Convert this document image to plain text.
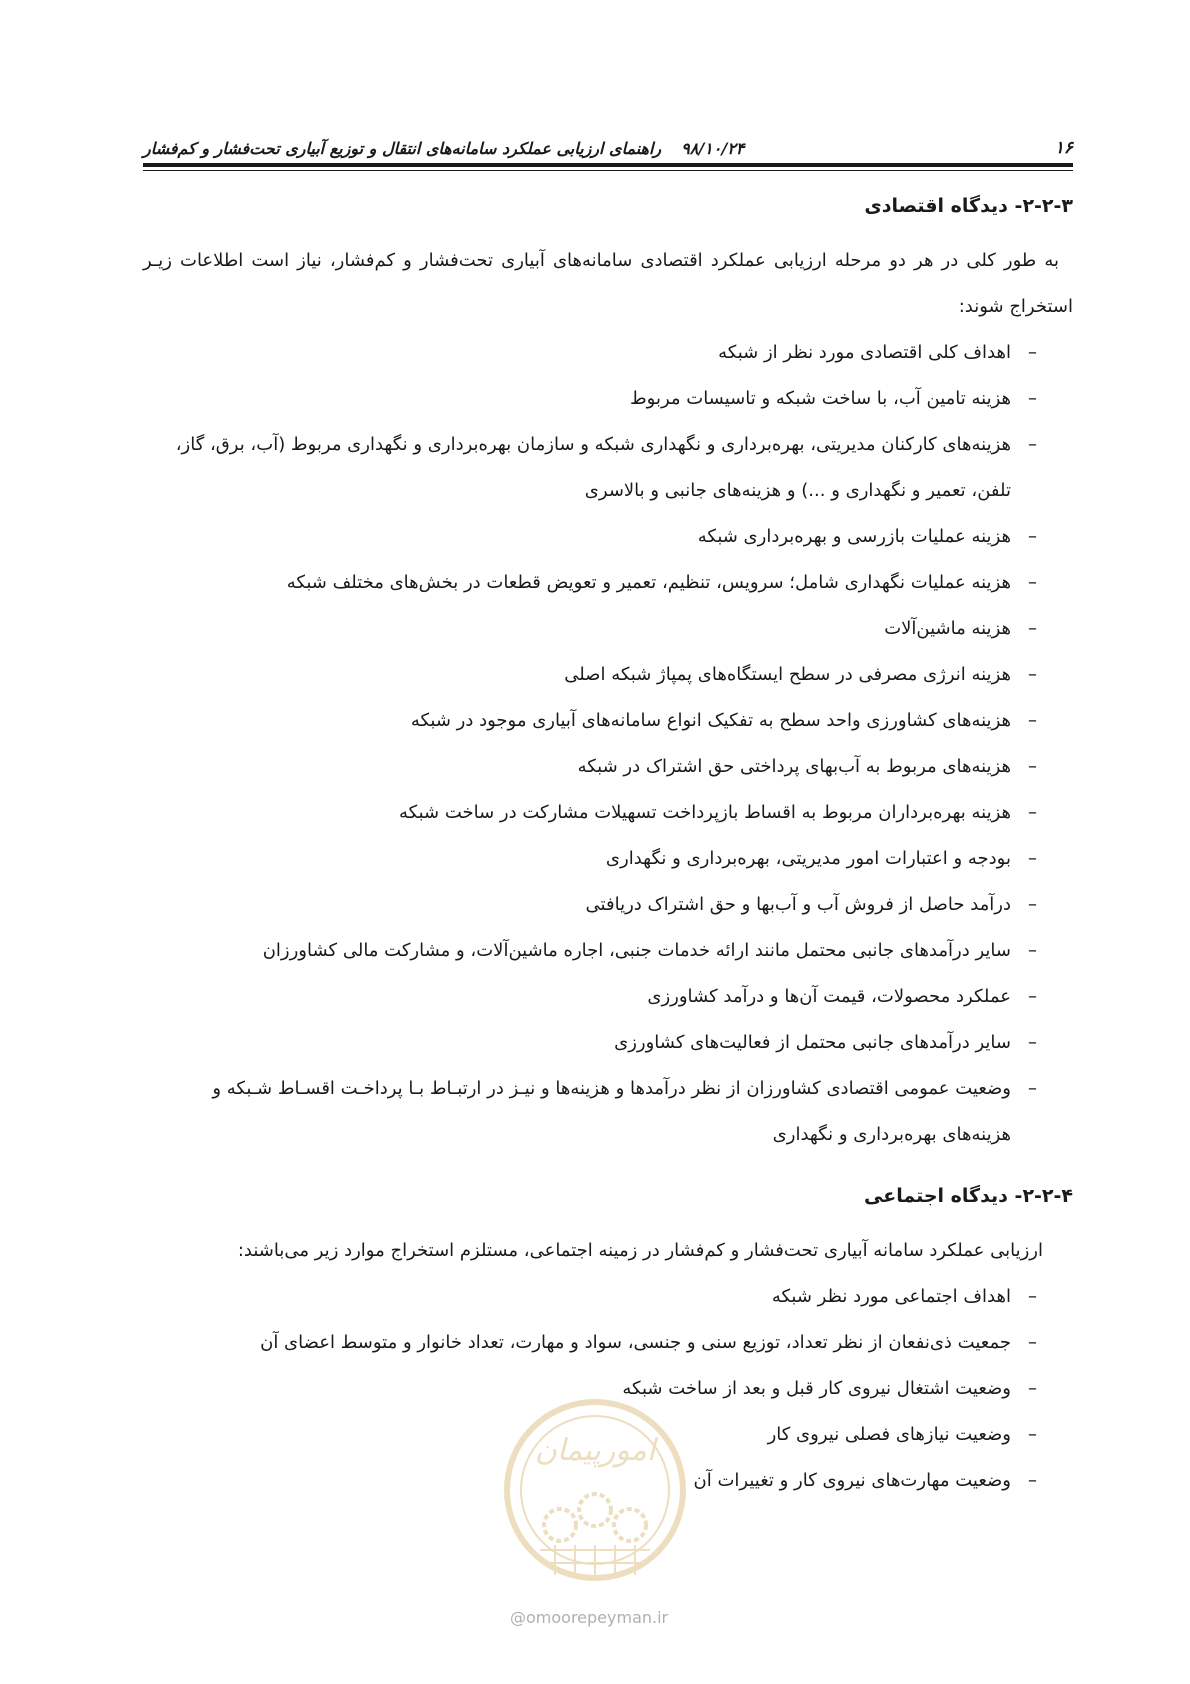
۱۶
۹۸/۱۰/۲۴
راهنمای ارزیابی عملکرد سامانه‌های انتقال و توزیع آبیاری تحت‌فشار و کم‌فشار
۲-۲-۳- دیدگاه اقتصادی

به طور کلی در هر دو مرحله ارزیابی عملکرد اقتصادی سامانه‌های آبیاری تحت‌فشار و کم‌فشار، نیاز است اطلاعات زیـر استخراج شوند:

–
اهداف کلی اقتصادی مورد نظر از شبکه
–
هزینه تامین آب، با ساخت شبکه و تاسیسات مربوط
–
هزینه‌های کارکنان مدیریتی، بهره‌برداری و نگهداری شبکه و سازمان بهره‌برداری و نگهداری مربوط (آب، برق، گاز، تلفن، تعمیر و نگهداری و ...) و هزینه‌های جانبی و بالاسری
–
هزینه عملیات بازرسی و بهره‌برداری شبکه
–
هزینه عملیات نگهداری شامل؛ سرویس، تنظیم، تعمیر و تعویض قطعات در بخش‌های مختلف شبکه
–
هزینه ماشین‌آلات
–
هزینه انرژی مصرفی در سطح ایستگاه‌های پمپاژ شبکه اصلی
–
هزینه‌های کشاورزی واحد سطح به تفکیک انواع سامانه‌های آبیاری موجود در شبکه
–
هزینه‌های مربوط به آب‌بهای پرداختی حق اشتراک در شبکه
–
هزینه بهره‌برداران مربوط به اقساط بازپرداخت تسهیلات مشارکت در ساخت شبکه
–
بودجه و اعتبارات امور مدیریتی، بهره‌برداری و نگهداری
–
درآمد حاصل از فروش آب و آب‌بها و حق اشتراک دریافتی
–
سایر درآمدهای جانبی محتمل مانند ارائه خدمات جنبی، اجاره ماشین‌آلات، و مشارکت مالی کشاورزان
–
عملکرد محصولات، قیمت آن‌ها و درآمد کشاورزی
–
سایر درآمدهای جانبی محتمل از فعالیت‌های کشاورزی
–
وضعیت عمومی اقتصادی کشاورزان از نظر درآمدها و هزینه‌ها و نیـز در ارتبـاط بـا پرداخـت اقسـاط شـبکه و هزینه‌های بهره‌برداری و نگهداری
۲-۲-۴- دیدگاه اجتماعی

ارزیابی عملکرد سامانه آبیاری تحت‌فشار و کم‌فشار در زمینه اجتماعی، مستلزم استخراج موارد زیر می‌باشند:

–
اهداف اجتماعی مورد نظر شبکه
–
جمعیت ذی‌نفعان از نظر تعداد، توزیع سنی و جنسی، سواد و مهارت، تعداد خانوار و متوسط اعضای آن
–
وضعیت اشتغال نیروی کار قبل و بعد از ساخت شبکه
–
وضعیت نیازهای فصلی نیروی کار
–
وضعیت مهارت‌های نیروی کار و تغییرات آن
امورپیمان
@omoorepeyman.ir
